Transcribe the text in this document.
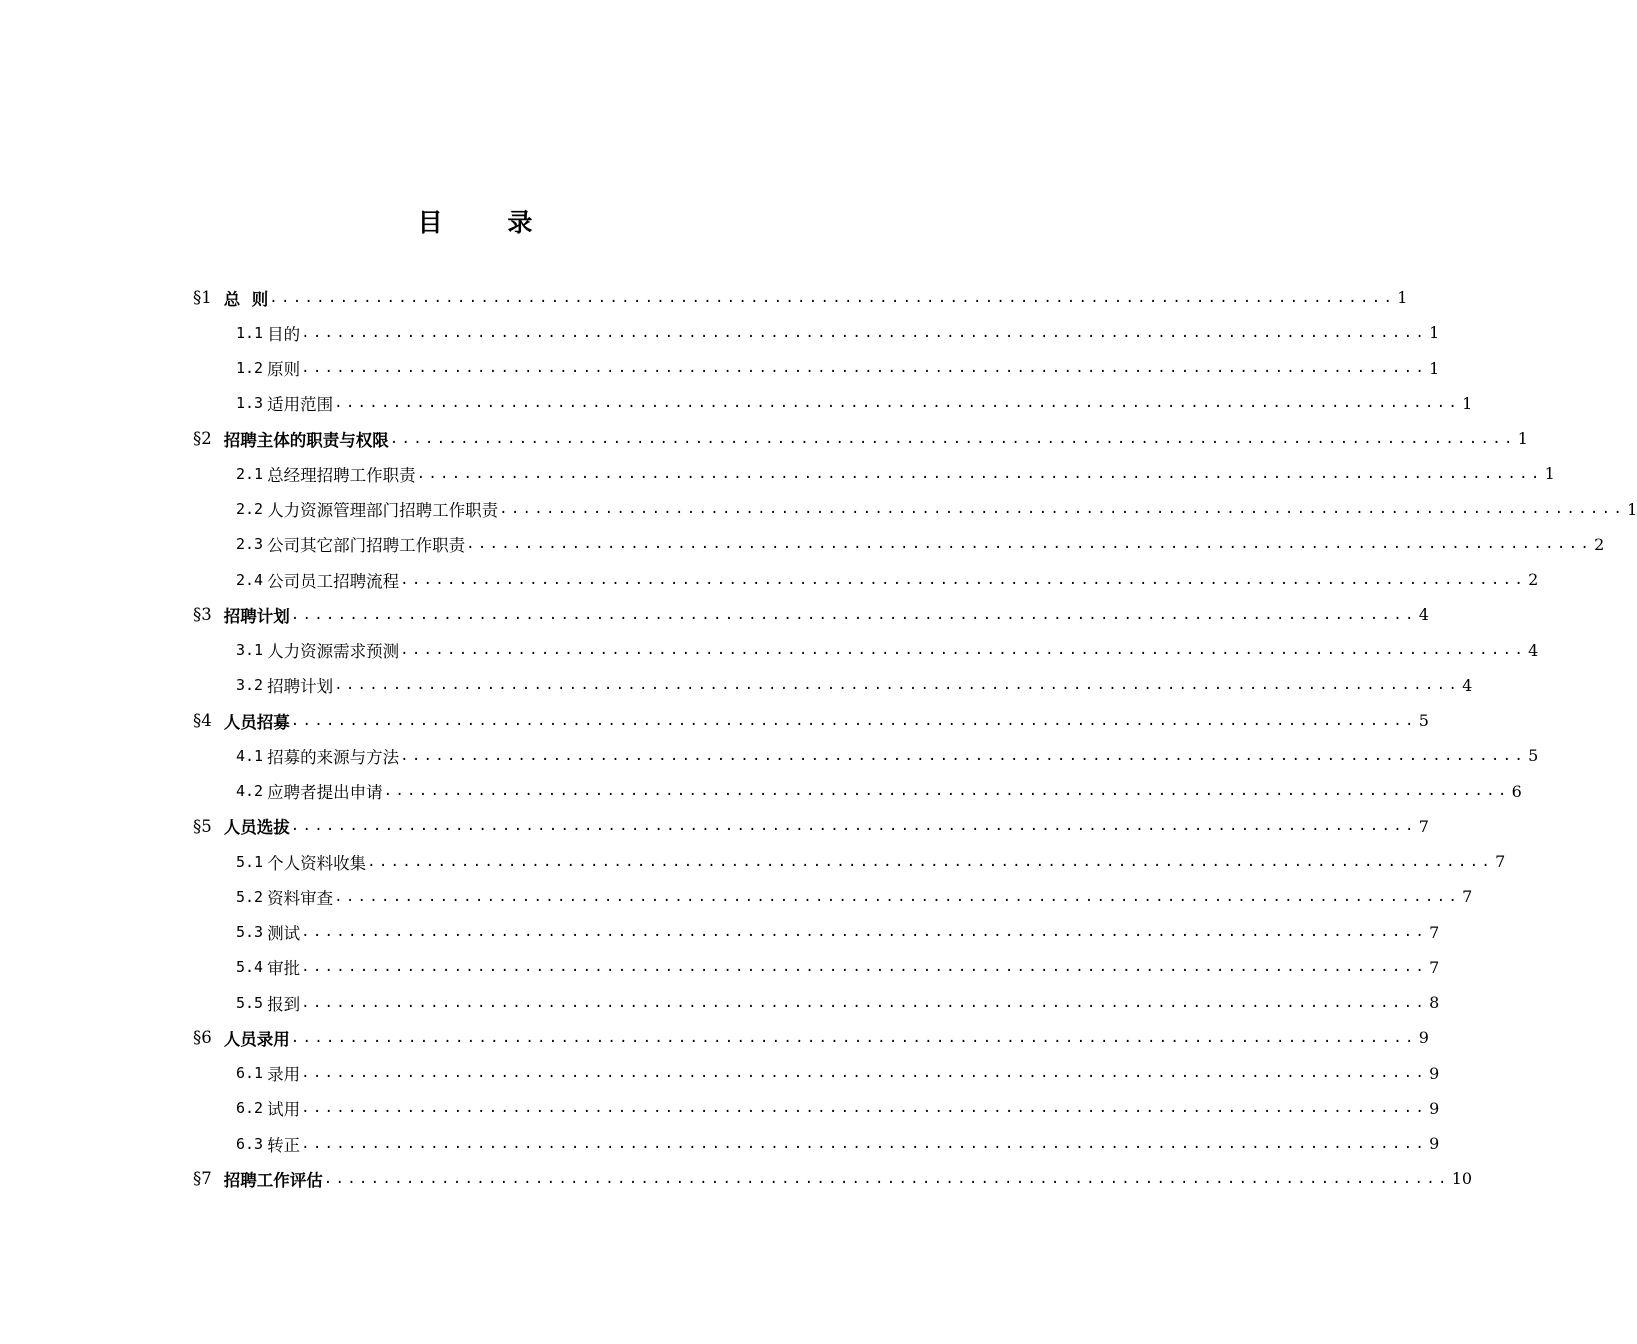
目 录
§1 总  则 ................................................................................................ 1
1.1 目的 ................................................................................................ 1
1.2 原则 ................................................................................................ 1
1.3 适用范围 ................................................................................................ 1
§2 招聘主体的职责与权限 ................................................................................................ 1
2.1 总经理招聘工作职责 ................................................................................................ 1
2.2 人力资源管理部门招聘工作职责 ................................................................................................ 1
2.3 公司其它部门招聘工作职责 ................................................................................................ 2
2.4 公司员工招聘流程 ................................................................................................ 2
§3 招聘计划 ................................................................................................ 4
3.1 人力资源需求预测 ................................................................................................ 4
3.2 招聘计划 ................................................................................................ 4
§4 人员招募 ................................................................................................ 5
4.1 招募的来源与方法 ................................................................................................ 5
4.2 应聘者提出申请 ................................................................................................ 6
§5 人员选拔 ................................................................................................ 7
5.1 个人资料收集 ................................................................................................ 7
5.2 资料审查 ................................................................................................ 7
5.3 测试 ................................................................................................ 7
5.4 审批 ................................................................................................ 7
5.5 报到 ................................................................................................ 8
§6 人员录用 ................................................................................................ 9
6.1 录用 ................................................................................................ 9
6.2 试用 ................................................................................................ 9
6.3 转正 ................................................................................................ 9
§7 招聘工作评估 ................................................................................................ 10
